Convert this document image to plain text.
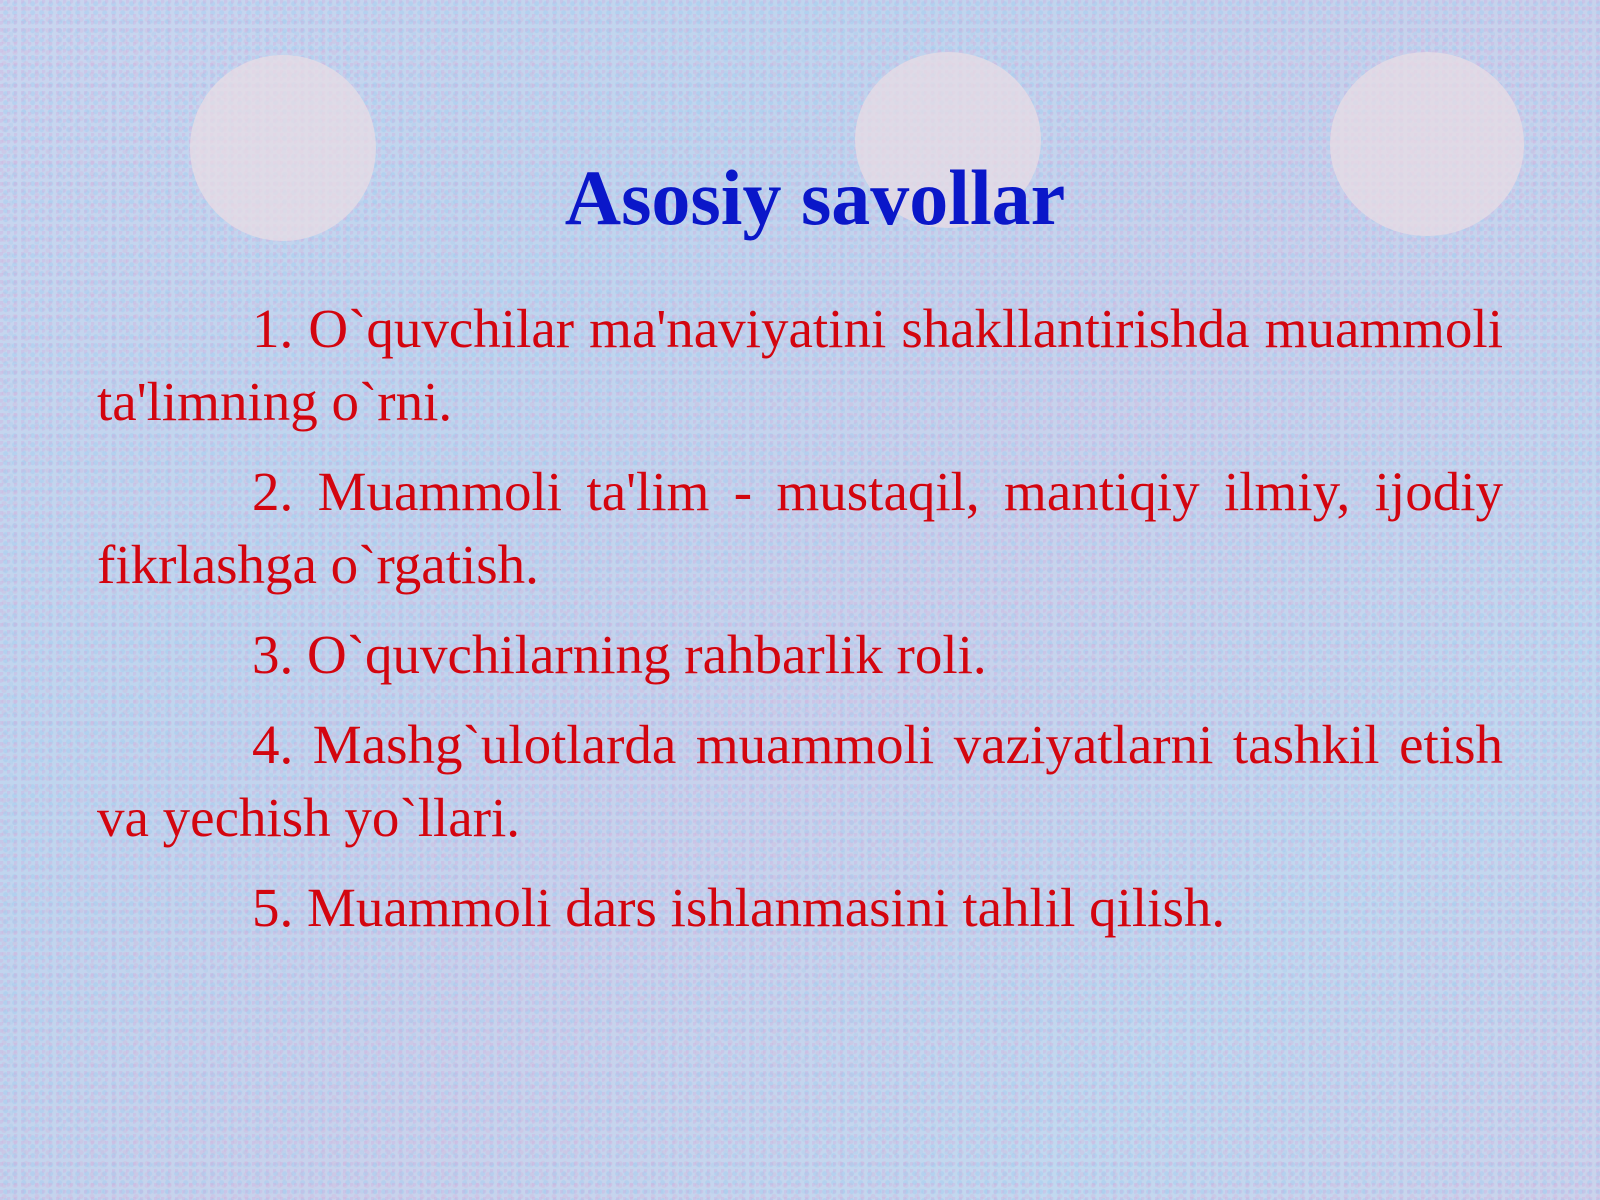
Asosiy savollar
1. O`quvchilar ma'naviyatini shakllantirishda muammoli ta'limning o`rni.
2. Muammoli ta'lim - mustaqil, mantiqiy ilmiy, ijodiy fikrlashga o`rgatish.
3. O`quvchilarning rahbarlik roli.
4. Mashg`ulotlarda muammoli vaziyatlarni tashkil etish va yechish yo`llari.
5. Muammoli dars ishlanmasini tahlil qilish.
